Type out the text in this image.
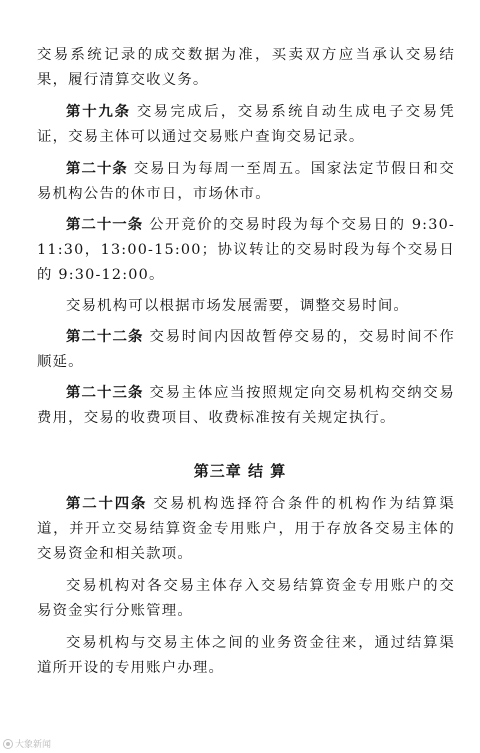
交易系统记录的成交数据为准，买卖双方应当承认交易结果，履行清算交收义务。

第十九条 交易完成后，交易系统自动生成电子交易凭证，交易主体可以通过交易账户查询交易记录。

第二十条 交易日为每周一至周五。国家法定节假日和交易机构公告的休市日，市场休市。

第二十一条 公开竞价的交易时段为每个交易日的 9:30-11:30，13:00-15:00；协议转让的交易时段为每个交易日的 9:30-12:00。

交易机构可以根据市场发展需要，调整交易时间。

第二十二条 交易时间内因故暂停交易的，交易时间不作顺延。

第二十三条 交易主体应当按照规定向交易机构交纳交易费用，交易的收费项目、收费标准按有关规定执行。

第三章 结 算

第二十四条 交易机构选择符合条件的机构作为结算渠道，并开立交易结算资金专用账户，用于存放各交易主体的交易资金和相关款项。

交易机构对各交易主体存入交易结算资金专用账户的交易资金实行分账管理。

交易机构与交易主体之间的业务资金往来，通过结算渠道所开设的专用账户办理。

大象新闻
